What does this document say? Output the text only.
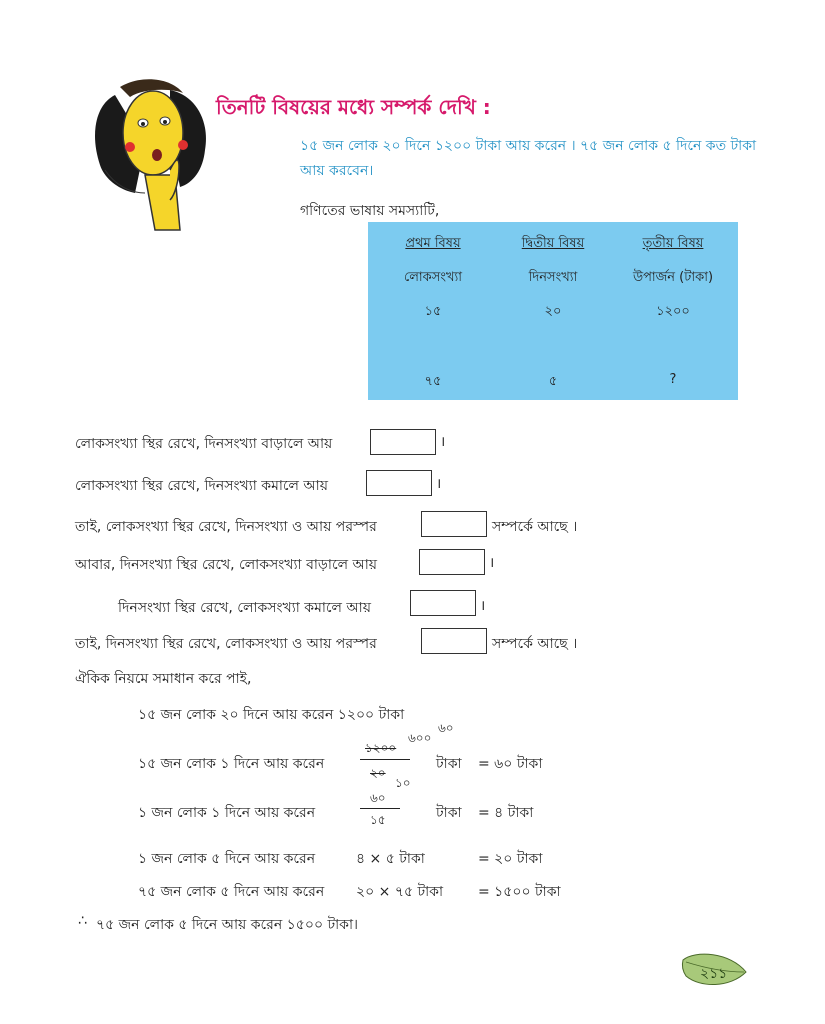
তিনটি বিষয়ের মধ্যে সম্পর্ক দেখি :
১৫ জন লোক ২০ দিনে ১২০০ টাকা আয় করেন । ৭৫ জন লোক ৫ দিনে কত টাকা আয় করবেন।
গণিতের ভাষায় সমস্যাটি,
প্রথম বিষয়	দ্বিতীয় বিষয়	তৃতীয় বিষয়
লোকসংখ্যা	দিনসংখ্যা	উপার্জন (টাকা)
১৫	২০	১২০০
৭৫	৫	?
লোকসংখ্যা স্থির রেখে, দিনসংখ্যা বাড়ালে আয়	।
লোকসংখ্যা স্থির রেখে, দিনসংখ্যা কমালে আয়	।
তাই, লোকসংখ্যা স্থির রেখে, দিনসংখ্যা ও আয় পরস্পর	সম্পর্কে আছে ।
আবার, দিনসংখ্যা স্থির রেখে, লোকসংখ্যা বাড়ালে আয়	।
দিনসংখ্যা স্থির রেখে, লোকসংখ্যা কমালে আয়	।
তাই, দিনসংখ্যা স্থির রেখে, লোকসংখ্যা ও আয় পরস্পর	সম্পর্কে আছে ।
ঐকিক নিয়মে সমাধান করে পাই,
১৫ জন লোক ২০ দিনে আয় করেন ১২০০ টাকা
১৫ জন লোক ১ দিনে আয় করেন
৬০
৬০০
১২০০
২০
১০
টাকা = ৬০ টাকা
১ জন লোক ১ দিনে আয় করেন
৬০
১৫	টাকা = ৪ টাকা
১ জন লোক ৫ দিনে আয় করেন	৪ × ৫ টাকা	= ২০ টাকা
৭৫ জন লোক ৫ দিনে আয় করেন ২০ × ৭৫ টাকা = ১৫০০ টাকা
∴ ৭৫ জন লোক ৫ দিনে আয় করেন ১৫০০ টাকা।
২১১
